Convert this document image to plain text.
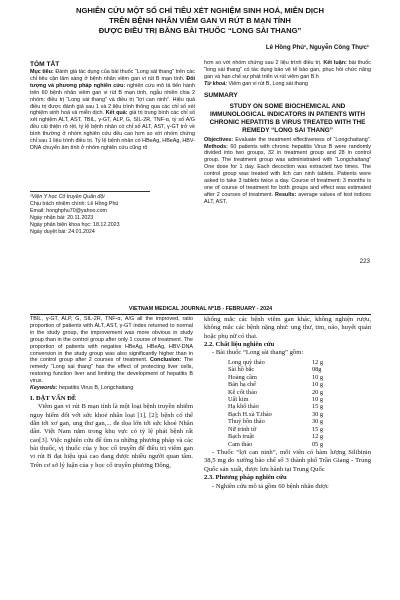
NGHIÊN CỨU MỘT SỐ CHỈ TIÊU XÉT NGHIỆM SINH HOÁ, MIỄN DỊCH
TRÊN BỆNH NHÂN VIÊM GAN VI RÚT B MẠN TÍNH
ĐƯỢC ĐIỀU TRỊ BẰNG BÀI THUỐC “LONG SÀI THANG”
Lê Hồng Phú¹, Nguyễn Công Thực¹
TÓM TẮT

Mục tiêu: Đánh giá tác dụng của bài thuốc “Long sài thang” trên các chỉ tiêu cận lâm sàng ở bệnh nhân viêm gan vi rút B mạn tính. Đối tượng và phương pháp nghiên cứu: nghiên cứu mô tả tiến hành trên 60 bệnh nhân viêm gan vi rút B mạn tính, ngẫu nhiên chia 2 nhóm: điều trị “Long sài thang” và điều trị “lợi can ninh”. Hiệu quả điều trị được đánh giá sau 1 và 2 liệu trình thông qua các chỉ số xét nghiệm sinh hoá và miễn dịch. Kết quả: giá trị trung bình các chỉ số xét nghiệm ALT, AST, TBIL, γ-GT, ALP, G, SIL-2R, TNF-α, tỷ số A/G đều cải thiện rõ rệt, tỷ lệ bệnh nhân có chỉ số ALT, AST, γ-GT trở về bình thường ở nhóm nghiên cứu đều cao hơn so với nhóm chứng chỉ sau 1 liệu trình điều trị. Tỷ lệ bệnh nhân có HBeAg, HBeAg, HBV-DNA chuyển âm tính ở nhóm nghiên cứu cũng rõ

¹Viện Y học Cổ truyền Quân đội
Chịu trách nhiệm chính: Lê Hồng Phú
Email: honghphu70@yahoo.com
Ngày nhận bài: 20.11.2023
Ngày phản biện khoa học: 18.12.2023
Ngày duyệt bài: 24.01.2024

hơn so với nhóm chứng sau 2 liệu trình điều trị. Kết luận: bài thuốc “long sài thang” có tác dụng bảo vệ tế bào gan, phục hồi chức năng gan và hạn chế sự phát triển vi rút viêm gan B.h

Từ khoá: Viêm gan vi rút B, Long sài thang

SUMMARY
STUDY ON SOME BIOCHEMICAL AND IMMUNOLOGICAL INDICATORS IN PATIENTS WITH CHRONIC HEPATITIS B VIRUS TREATED WITH THE REMEDY “LONG SAI THANG”

Objectives: Evaluate the treatment effectiveness of “Longchaitang”. Methods: 60 patients with chronic hepatitis Virus B were randomly divided into two groups, 32 in treatment group and 28 in control group. The treatment group was administrated with “Longchaitang” One dose for 1 day. Each decoction was extracted two times. The control group was treated with lich can ninh tablets. Patients were asked to take 3 tablets twice a day. Course of treatment: 3 months is one of course of treatment for both groups and effect was estimated after 2 courses of treatment. Results: average values of test indices ALT, AST,

223
VIETNAM MEDICAL JOURNAL Nº1B - FEBRUARY - 2024

TBIL, γ-GT, ALP, G, SIL-2R, TNF-α, A/G all the improved, ratio proportion of patients with ALT, AST, γ-GT index returned to normal in the study group, the improvement was more obvious in study group than in the control group after only 1 course of treatment. The proportion of patients with negative HBeAg, HBeAg, HBV-DNA conversion in the study group was also significantly higher than in the control group after 2 courses of treatment. Conclusion: The remedy “Long sai thang” has the effect of protecting liver cells, restoring function liver and limiting the development of hepatitis B virus.

Keywords: hepatitis Virus B, Longchaitang

I. ĐẶT VẤN ĐỀ

Viêm gan vi rút B mạn tính là một loại bệnh truyền nhiễm nguy hiểm đối với sức khoẻ nhân loại [1], [2]; bệnh có thể dẫn tới xơ gan, ung thư gan,... đe dọa lớn tới sức khoẻ Nhân dân. Việt Nam nằm trong khu vực có tỷ lệ phát bệnh rất cao[3]. Việc nghiên cứu để tìm ra những phương pháp và các bài thuốc, vị thuốc của y học cổ truyền để điều trị viêm gan vi rút B đạt hiệu quả cao đang được nhiều người quan tâm. Trên cơ sở lý luận của y học cổ truyền phương Đông,

khống mắc các bệnh viêm gan khác, không nghiện rượu, không mắc các bệnh nặng như: ung thư, tim, não, huyết quản hoặc phụ nữ có thai.

2.2. Chất liệu nghiên cứu

- Bài thuốc “Long sài thang” gồm:

Long quỳ thảo	12 g
Sài hồ bắc	08g
Hoàng cầm	10 g
Bản hạ chế	10 g
Kê cốt thảo	20 g
Uất kim	10 g
Hạ khô thảo	15 g
Bạch H.xà T.thảo	30 g
Thuỷ bồn thảo	30 g
Nữ trinh tử	15 g
Bạch truật	12 g
Cam thảo	05 g

- Thuốc “lợi can ninh”, mỗi viên có hàm lượng Silibinin 38,5 mg do xưởng bào chế số 3 thành phố Trần Giang - Trung Quốc sản xuất, được lưu hành tại Trung Quốc

2.3. Phương pháp nghiên cứu

- Nghiên cứu mô tả gồm 60 bệnh nhân được
